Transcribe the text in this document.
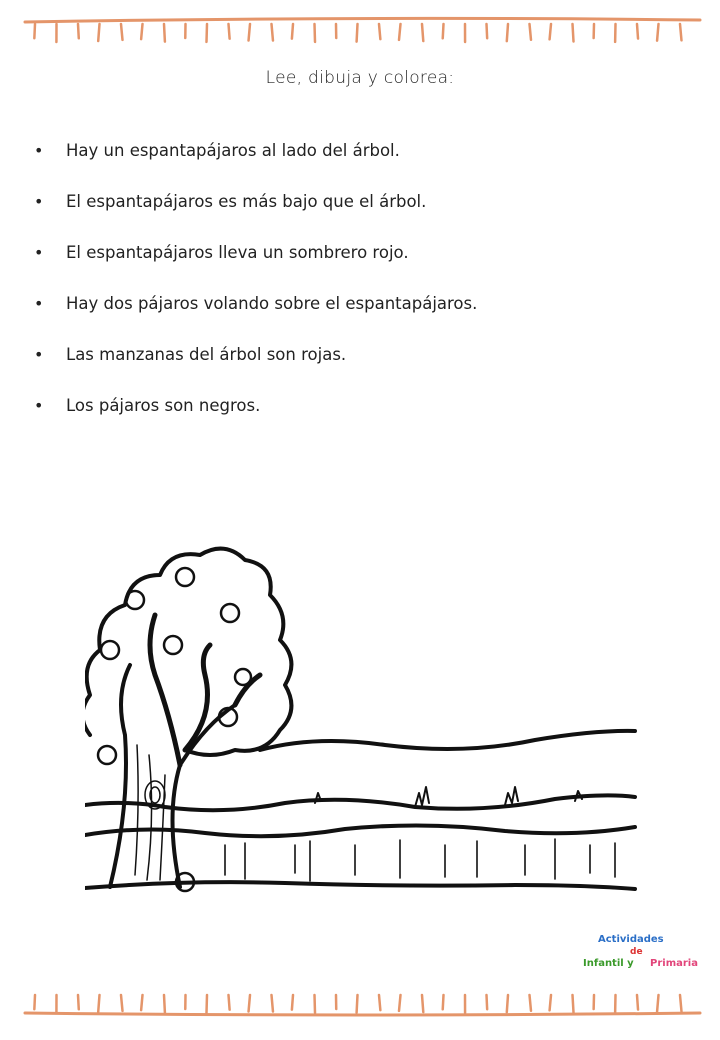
Lee, dibuja y colorea:
• Hay un espantapájaros al lado del árbol.
• El espantapájaros es más bajo que el árbol.
• El espantapájaros lleva un sombrero rojo.
• Hay dos pájaros volando sobre el espantapájaros.
• Las manzanas del árbol son rojas.
• Los pájaros son negros.
Actividades
de
Infantil y Primaria
